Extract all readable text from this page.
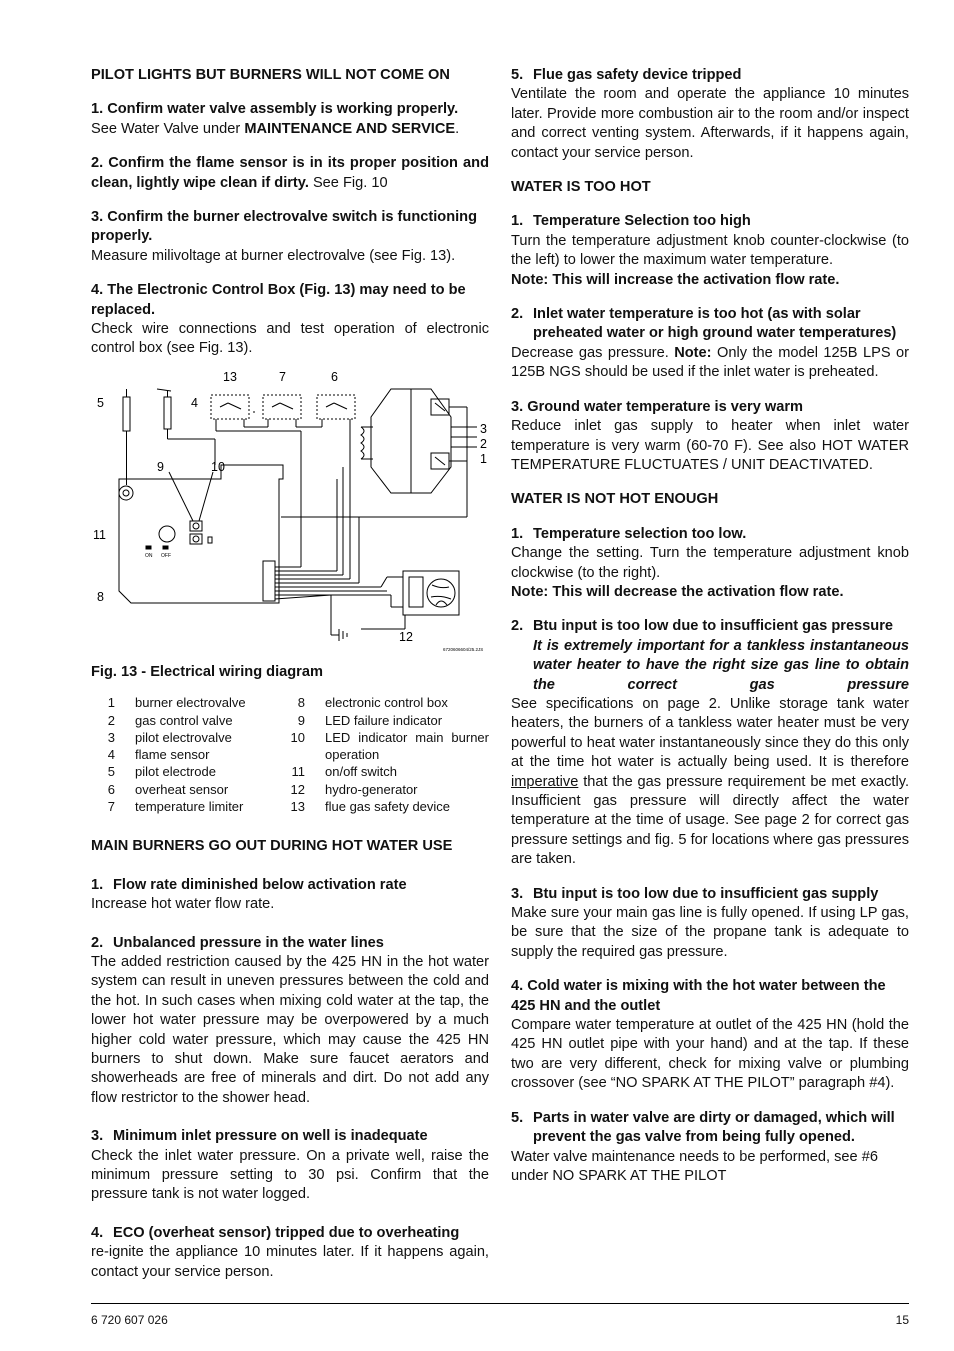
PILOT LIGHTS BUT BURNERS WILL NOT COME ON
1. Confirm water valve assembly is working properly.

See Water Valve under MAINTENANCE AND SERVICE.

2. Confirm the flame sensor is in its proper position and clean, lightly wipe clean if dirty. See Fig. 10

3. Confirm the burner electrovalve switch is functioning properly.

Measure milivoltage at burner electrovalve (see Fig. 13).

4. The Electronic Control Box (Fig. 13) may need to be replaced.

Check wire connections and test operation of electronic control box (see Fig. 13).

13	7	6
5	4
3
2
1
9	10
11
8
12
ON OFF
6720606604/25.2JS
Fig. 13 - Electrical wiring diagram
1	burner electrovalve
2	gas control valve
3	pilot electrovalve
4	flame sensor
5	pilot electrode
6	overheat sensor
7	temperature limiter
8	electronic control box
9	LED failure indicator
10	LED indicator main burner operation
11	on/off switch
12	hydro-generator
13	flue gas safety device
MAIN BURNERS GO OUT DURING HOT WATER USE
1. Flow rate diminished below activation rate

Increase hot water flow rate.

2. Unbalanced pressure in the water lines

The added restriction caused by the 425 HN in the hot water system can result in uneven pressures between the cold and the hot. In such cases when mixing cold water at the tap, the lower hot water pressure may be overpowered by a much higher cold water pressure, which may cause the 425 HN burners to shut down. Make sure faucet aerators and showerheads are free of minerals and dirt. Do not add any flow restrictor to the shower head.

3. Minimum inlet pressure on well is inadequate

Check the inlet water pressure. On a private well, raise the minimum pressure setting to 30 psi. Confirm that the pressure tank is not water logged.

4. ECO (overheat sensor) tripped due to overheating

re-ignite the appliance 10 minutes later. If it happens again, contact your service person.

5. Flue gas safety device tripped

Ventilate the room and operate the appliance 10 minutes later. Provide more combustion air to the room and/or inspect and correct venting system. Afterwards, if it happens again, contact your service person.

WATER IS TOO HOT
1. Temperature Selection too high

Turn the temperature adjustment knob counter-clockwise (to the left) to lower the maximum water temperature.

Note: This will increase the activation flow rate.
2. Inlet water temperature is too hot (as with solar preheated water or high ground water temperatures)

Decrease gas pressure. Note: Only the model 125B LPS or 125B NGS should be used if the inlet water is preheated.

3. Ground water temperature is very warm

Reduce inlet gas supply to heater when inlet water temperature is very warm (60-70 F). See also HOT WATER TEMPERATURE FLUCTUATES / UNIT DEACTIVATED.

WATER IS NOT HOT ENOUGH
1. Temperature selection too low.

Change the setting. Turn the temperature adjustment knob clockwise (to the right).

Note: This will decrease the activation flow rate.
2. Btu input is too low due to insufficient gas pressure

It is extremely important for a tankless instantaneous water heater to have the right size gas line to obtain the correct gas pressure

See specifications on page 2. Unlike storage tank water heaters, the burners of a tankless water heater must be very powerful to heat water instantaneously since they do this only at the time hot water is actually being used. It is therefore imperative that the gas pressure requirement be met exactly. Insufficient gas pressure will directly affect the water temperature at the time of usage. See page 2 for correct gas pressure settings and fig. 5 for locations where gas pressures are taken.

3. Btu input is too low due to insufficient gas supply

Make sure your main gas line is fully opened. If using LP gas, be sure that the size of the propane tank is adequate to supply the required gas pressure.

4. Cold water is mixing with the hot water between the 425 HN and the outlet

Compare water temperature at outlet of the 425 HN (hold the 425 HN outlet pipe with your hand) and at the tap. If these two are very different, check for mixing valve or plumbing crossover (see “NO SPARK AT THE PILOT” paragraph #4).

5. Parts in water valve are dirty or damaged, which will prevent the gas valve from being fully opened.

Water valve maintenance needs to be performed, see #6 under NO SPARK AT THE PILOT

6 720 607 026	15
